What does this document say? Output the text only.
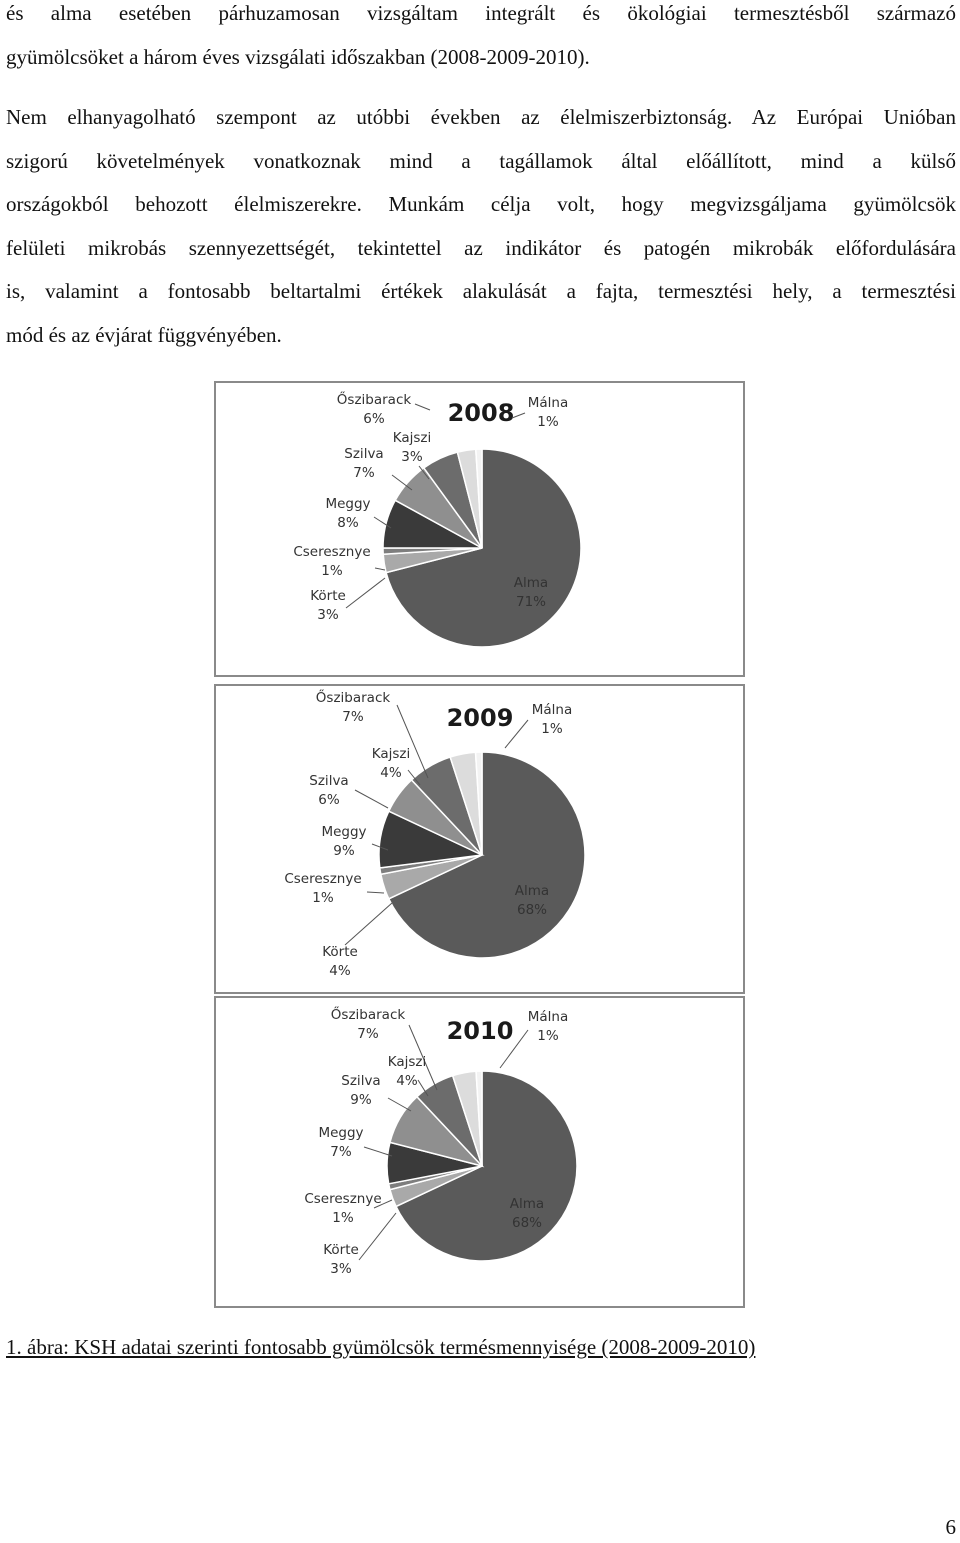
és alma esetében párhuzamosan vizsgáltam integrált és ökológiai termesztésből származó
gyümölcsöket a három éves vizsgálati időszakban (2008-2009-2010).
Nem elhanyagolható szempont az utóbbi években az élelmiszerbiztonság. Az Európai Unióban
szigorú követelmények vonatkoznak mind a tagállamok által előállított, mind a külső
országokból behozott élelmiszerekre. Munkám célja volt, hogy megvizsgáljama gyümölcsök
felületi mikrobás szennyezettségét, tekintettel az indikátor és patogén mikrobák előfordulására
is, valamint a fontosabb beltartalmi értékek alakulását a fajta, termesztési hely, a termesztési
mód és az évjárat függvényében.
2008
Alma 71%
Körte 3%
Cseresznye 1%
Meggy 8%
Szilva 7%
Őszibarack 6%
Kajszi 3%
Málna 1%
2009
Alma 68%
Körte 4%
Cseresznye 1%
Meggy 9%
Szilva 6%
Őszibarack 7%
Kajszi 4%
Málna 1%
2010
Alma 68%
Körte 3%
Cseresznye 1%
Meggy 7%
Szilva 9%
Őszibarack 7%
Kajszi 4%
Málna 1%
1. ábra: KSH adatai szerinti fontosabb gyümölcsök termésmennyisége (2008-2009-2010)
6
